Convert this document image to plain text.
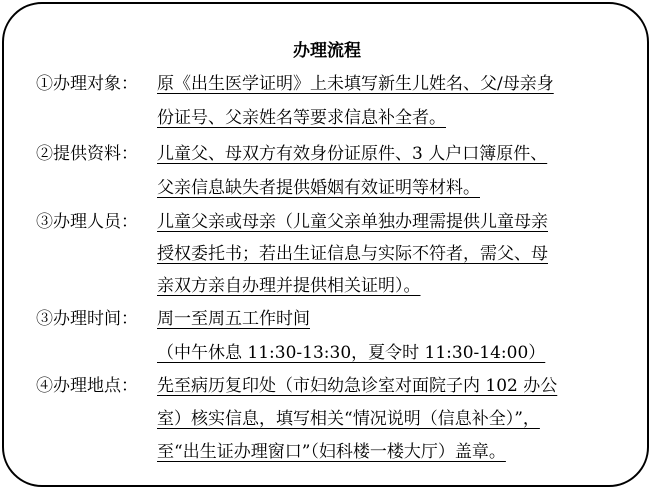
办理流程
①办理对象： 原《出生医学证明》上未填写新生儿姓名、父/母亲身
份证号、父亲姓名等要求信息补全者。
②提供资料： 儿童父、母双方有效身份证原件、3 人户口簿原件、
父亲信息缺失者提供婚姻有效证明等材料。
③办理人员： 儿童父亲或母亲（儿童父亲单独办理需提供儿童母亲
授权委托书；若出生证信息与实际不符者，需父、母
亲双方亲自办理并提供相关证明）。
③办理时间： 周一至周五工作时间
（中午休息 11:30-13:30，夏令时 11:30-14:00）
④办理地点： 先至病历复印处（市妇幼急诊室对面院子内 102 办公
室）核实信息，填写相关“情况说明（信息补全）”，
至“出生证办理窗口”（妇科楼一楼大厅）盖章。
